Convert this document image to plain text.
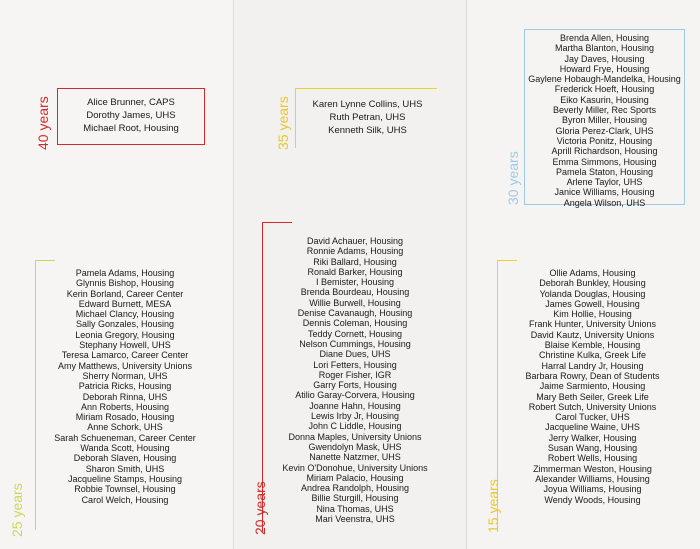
Alice Brunner, CAPS
Dorothy James, UHS
Michael Root, Housing
40 years	Karen Lynne Collins, UHS
Ruth Petran, UHS
Kenneth Silk, UHS
35 years
Brenda Allen, Housing
Martha Blanton, Housing
Jay Daves, Housing
Howard Frye, Housing
Gaylene Hobaugh-Mandelka, Housing
Frederick Hoeft, Housing
Eiko Kasurin, Housing
Beverly Miller, Rec Sports
Byron Miller, Housing
Gloria Perez-Clark, UHS
Victoria Ponitz, Housing
Aprill Richardson, Housing
Emma Simmons, Housing
Pamela Staton, Housing
Arlene Taylor, UHS
Janice Williams, Housing
Angela Wilson, UHS
30 years
Pamela Adams, Housing
Glynnis Bishop, Housing
Kerin Borland, Career Center
Edward Burnett, MESA
Michael Clancy, Housing
Sally Gonzales, Housing
Leonia Gregory, Housing
Stephany Howell, UHS
Teresa Lamarco, Career Center
Amy Matthews, University Unions
Sherry Norman, UHS
Patricia Ricks, Housing
Deborah Rinna, UHS
Ann Roberts, Housing
Miriam Rosado, Housing
Anne Schork, UHS
Sarah Schueneman, Career Center
Wanda Scott, Housing
Deborah Slaven, Housing
Sharon Smith, UHS
Jacqueline Stamps, Housing
Robbie Townsel, Housing
Carol Welch, Housing
25 years
David Achauer, Housing
Ronnie Adams, Housing
Riki Ballard, Housing
Ronald Barker, Housing
I Bemister, Housing
Brenda Bourdeau, Housing
Willie Burwell, Housing
Denise Cavanaugh, Housing
Dennis Coleman, Housing
Teddy Cornett, Housing
Nelson Cummings, Housing
Diane Dues, UHS
Lori Fetters, Housing
Roger Fisher, IGR
Garry Forts, Housing
Atilio Garay-Corvera, Housing
Joanne Hahn, Housing
Lewis Irby Jr, Housing
John C Liddle, Housing
Donna Maples, University Unions
Gwendolyn Mask, UHS
Nanette Natzmer, UHS
Kevin O'Donohue, University Unions
Miriam Palacio, Housing
Andrea Randolph, Housing
Billie Sturgill, Housing
Nina Thomas, UHS
Mari Veenstra, UHS
20 years
Ollie Adams, Housing
Deborah Bunkley, Housing
Yolanda Douglas, Housing
James Gowell, Housing
Kim Hollie, Housing
Frank Hunter, University Unions
David Kautz, University Unions
Blaise Kemble, Housing
Christine Kulka, Greek Life
Harral Landry Jr, Housing
Barbara Rowry, Dean of Students
Jaime Sarmiento, Housing
Mary Beth Seiler, Greek Life
Robert Sutch, University Unions
Carol Tucker, UHS
Jacqueline Waine, UHS
Jerry Walker, Housing
Susan Wang, Housing
Robert Wells, Housing
Zimmerman Weston, Housing
Alexander Williams, Housing
Joyua Williams, Housing
Wendy Woods, Housing
15 years
